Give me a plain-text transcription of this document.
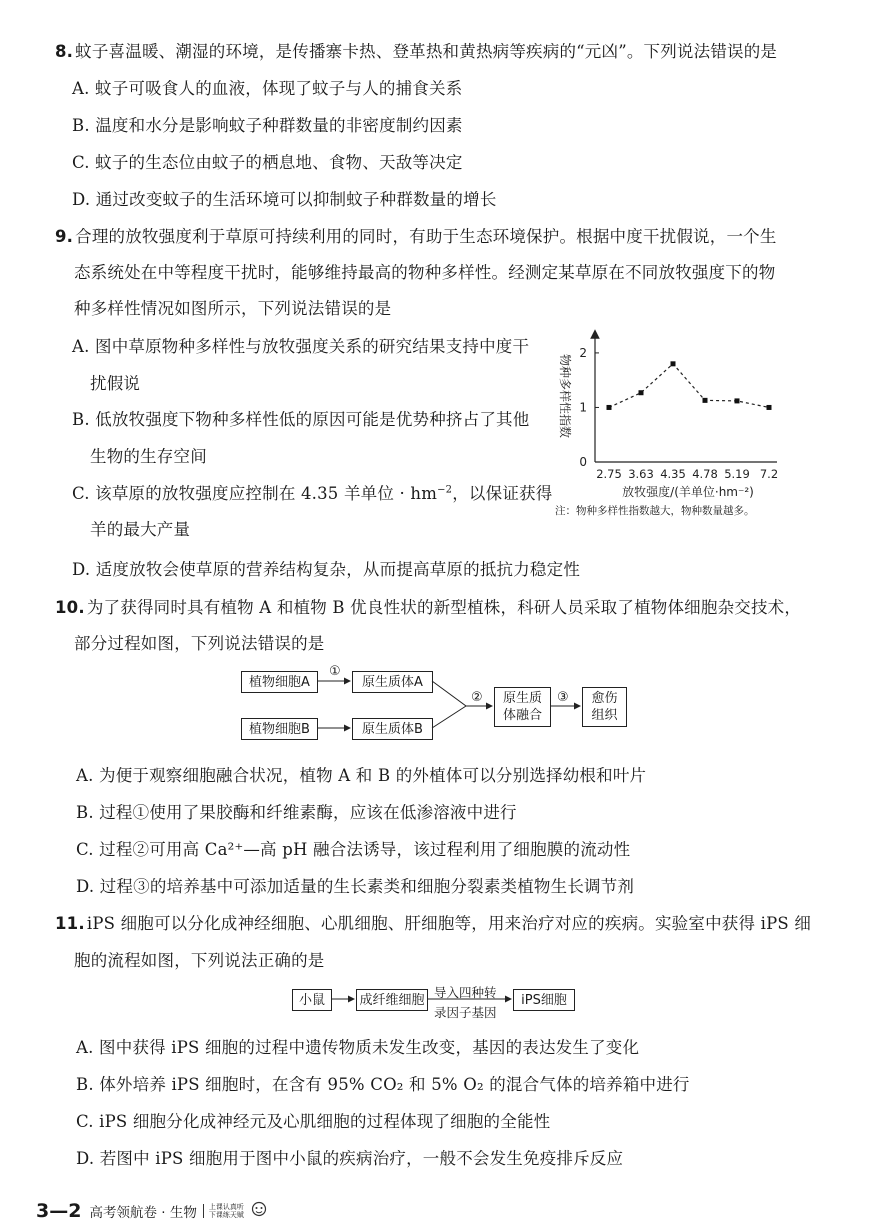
8. 蚊子喜温暖、潮湿的环境，是传播寨卡热、登革热和黄热病等疾病的“元凶”。下列说法错误的是
A. 蚊子可吸食人的血液，体现了蚊子与人的捕食关系
B. 温度和水分是影响蚊子种群数量的非密度制约因素
C. 蚊子的生态位由蚊子的栖息地、食物、天敌等决定
D. 通过改变蚊子的生活环境可以抑制蚊子种群数量的增长
9. 合理的放牧强度利于草原可持续利用的同时，有助于生态环境保护。根据中度干扰假说，一个生
态系统处在中等程度干扰时，能够维持最高的物种多样性。经测定某草原在不同放牧强度下的物
种多样性情况如图所示，下列说法错误的是
A. 图中草原物种多样性与放牧强度关系的研究结果支持中度干
扰假说
B. 低放牧强度下物种多样性低的原因可能是优势种挤占了其他
生物的生存空间
C. 该草原的放牧强度应控制在 4.35 羊单位 · $hm^{-2}$，以保证获得
羊的最大产量
D. 适度放牧会使草原的营养结构复杂，从而提高草原的抵抗力稳定性
物种多样性指数
0
1
2
2.75 3.63 4.35 4.78 5.19 7.2
放牧强度/(羊单位·hm⁻²)
注：物种多样性指数越大，物种数量越多。
10. 为了获得同时具有植物 A 和植物 B 优良性状的新型植株，科研人员采取了植物体细胞杂交技术，
部分过程如图，下列说法错误的是
植物细胞A	原生质体A
植物细胞B	原生质体B
原生质
体融合
愈伤
组织
①
②	③
A. 为便于观察细胞融合状况，植物 A 和 B 的外植体可以分别选择幼根和叶片
B. 过程①使用了果胶酶和纤维素酶，应该在低渗溶液中进行
C. 过程②可用高 Ca²⁺—高 pH 融合法诱导，该过程利用了细胞膜的流动性
D. 过程③的培养基中可添加适量的生长素类和细胞分裂素类植物生长调节剂
11. iPS 细胞可以分化成神经细胞、心肌细胞、肝细胞等，用来治疗对应的疾病。实验室中获得 iPS 细
胞的流程如图，下列说法正确的是
小鼠	成纤维细胞	iPS细胞
导入四种转
录因子基因
A. 图中获得 iPS 细胞的过程中遗传物质未发生改变，基因的表达发生了变化
B. 体外培养 iPS 细胞时，在含有 95% CO₂ 和 5% O₂ 的混合气体的培养箱中进行
C. iPS 细胞分化成神经元及心肌细胞的过程体现了细胞的全能性
D. 若图中 iPS 细胞用于图中小鼠的疾病治疗，一般不会发生免疫排斥反应
3—2 高考领航卷 · 生物 上课认真听
下课练天赋
